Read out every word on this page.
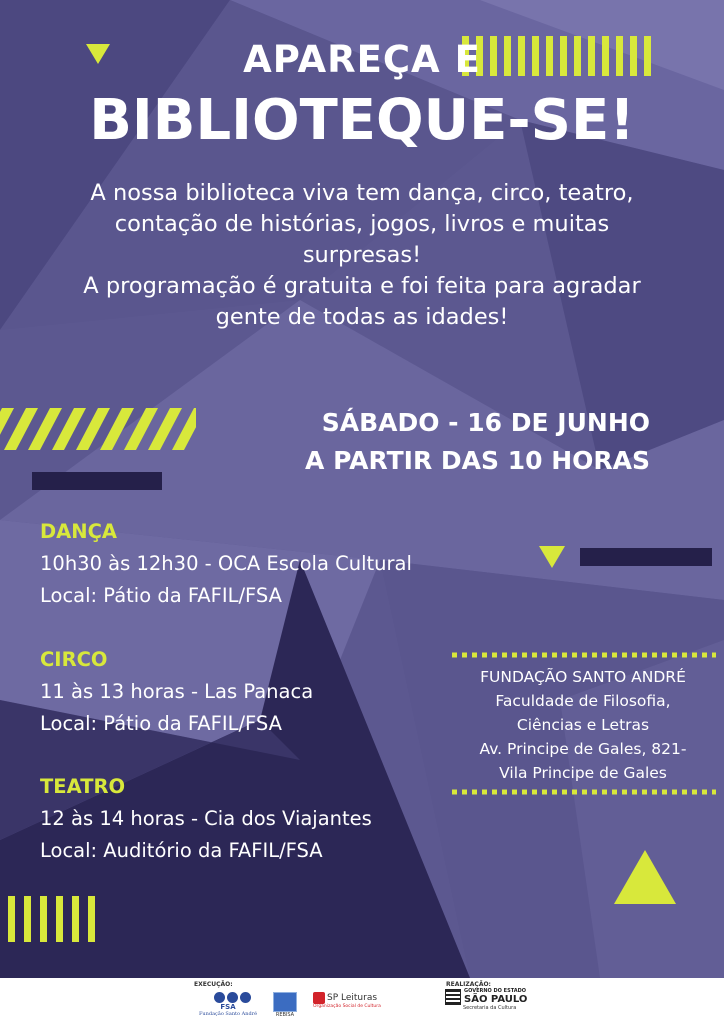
APAREÇA E
BIBLIOTEQUE-SE!

A nossa biblioteca viva tem dança, circo, teatro,

contação de histórias, jogos, livros e muitas

surpresas!

A programação é gratuita e foi feita para agradar

gente de todas as idades!

SÁBADO - 16 DE JUNHO
A PARTIR DAS 10 HORAS

DANÇA

10h30 às 12h30 - OCA Escola Cultural

Local: Pátio da FAFIL/FSA

CIRCO

11 às 13 horas - Las Panaca

Local: Pátio da FAFIL/FSA

TEATRO

12 às 14 horas - Cia dos Viajantes

Local: Auditório da FAFIL/FSA

FUNDAÇÃO SANTO ANDRÉ

Faculdade de Filosofia,

Ciências e Letras

Av. Principe de Gales, 821-

Vila Principe de Gales

EXECUÇÃO:	REALIZAÇÃO:
FSA
Fundação Santo André	REBISA
SP Leituras
Organização Social de Cultura
GOVERNO DO ESTADO
SÃO PAULO
Secretaria da Cultura
